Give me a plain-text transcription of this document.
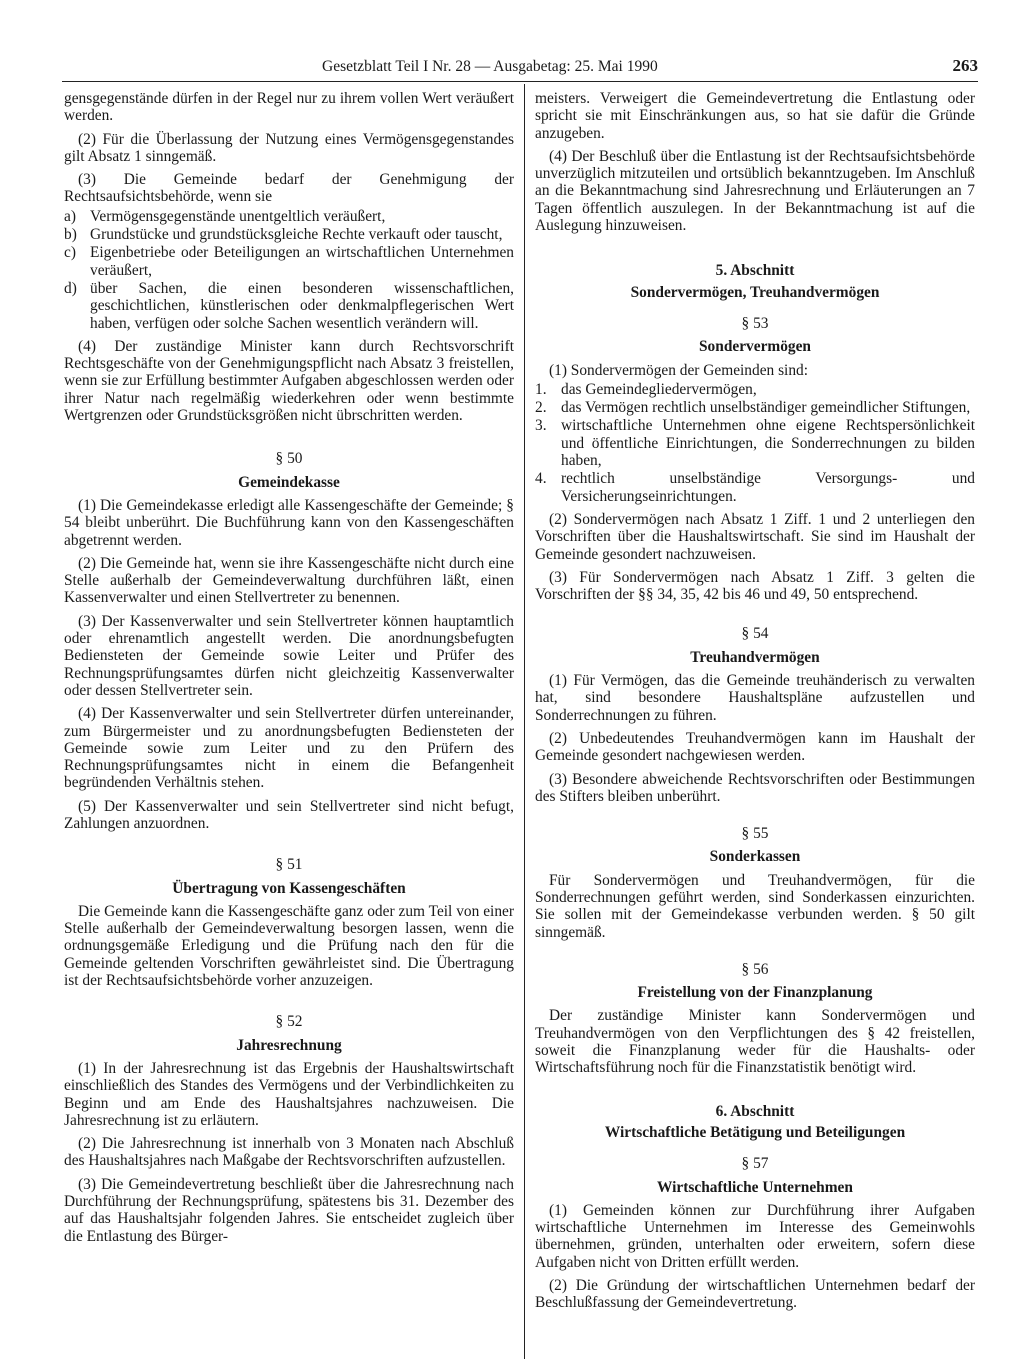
Gesetzblatt Teil I Nr. 28 — Ausgabetag: 25. Mai 1990	263

gensgegenstände dürfen in der Regel nur zu ihrem vollen Wert veräußert werden.

(2) Für die Überlassung der Nutzung eines Vermögensgegenstandes gilt Absatz 1 sinngemäß.

(3) Die Gemeinde bedarf der Genehmigung der Rechtsaufsichtsbehörde, wenn sie

a) Vermögensgegenstände unentgeltlich veräußert,
b) Grundstücke und grundstücksgleiche Rechte verkauft oder tauscht,
c) Eigenbetriebe oder Beteiligungen an wirtschaftlichen Unternehmen veräußert,
d) über Sachen, die einen besonderen wissenschaftlichen, geschichtlichen, künstlerischen oder denkmalpflegerischen Wert haben, verfügen oder solche Sachen wesentlich verändern will.

(4) Der zuständige Minister kann durch Rechtsvorschrift Rechtsgeschäfte von der Genehmigungspflicht nach Absatz 3 freistellen, wenn sie zur Erfüllung bestimmter Aufgaben abgeschlossen werden oder ihrer Natur nach regelmäßig wiederkehren oder wenn bestimmte Wertgrenzen oder Grundstücksgrößen nicht übrschritten werden.

§ 50
Gemeindekasse

(1) Die Gemeindekasse erledigt alle Kassengeschäfte der Gemeinde; § 54 bleibt unberührt. Die Buchführung kann von den Kassengeschäften abgetrennt werden.

(2) Die Gemeinde hat, wenn sie ihre Kassengeschäfte nicht durch eine Stelle außerhalb der Gemeindeverwaltung durchführen läßt, einen Kassenverwalter und einen Stellvertreter zu benennen.

(3) Der Kassenverwalter und sein Stellvertreter können hauptamtlich oder ehrenamtlich angestellt werden. Die anordnungsbefugten Bediensteten der Gemeinde sowie Leiter und Prüfer des Rechnungsprüfungsamtes dürfen nicht gleichzeitig Kassenverwalter oder dessen Stellvertreter sein.

(4) Der Kassenverwalter und sein Stellvertreter dürfen untereinander, zum Bürgermeister und zu anordnungsbefugten Bediensteten der Gemeinde sowie zum Leiter und zu den Prüfern des Rechnungsprüfungsamtes nicht in einem die Befangenheit begründenden Verhältnis stehen.

(5) Der Kassenverwalter und sein Stellvertreter sind nicht befugt, Zahlungen anzuordnen.

§ 51
Übertragung von Kassengeschäften

Die Gemeinde kann die Kassengeschäfte ganz oder zum Teil von einer Stelle außerhalb der Gemeindeverwaltung besorgen lassen, wenn die ordnungsgemäße Erledigung und die Prüfung nach den für die Gemeinde geltenden Vorschriften gewährleistet sind. Die Übertragung ist der Rechtsaufsichtsbehörde vorher anzuzeigen.

§ 52
Jahresrechnung

(1) In der Jahresrechnung ist das Ergebnis der Haushaltswirtschaft einschließlich des Standes des Vermögens und der Verbindlichkeiten zu Beginn und am Ende des Haushaltsjahres nachzuweisen. Die Jahresrechnung ist zu erläutern.

(2) Die Jahresrechnung ist innerhalb von 3 Monaten nach Abschluß des Haushaltsjahres nach Maßgabe der Rechtsvorschriften aufzustellen.

(3) Die Gemeindevertretung beschließt über die Jahresrechnung nach Durchführung der Rechnungsprüfung, spätestens bis 31. Dezember des auf das Haushaltsjahr folgenden Jahres. Sie entscheidet zugleich über die Entlastung des Bürger-

meisters. Verweigert die Gemeindevertretung die Entlastung oder spricht sie mit Einschränkungen aus, so hat sie dafür die Gründe anzugeben.

(4) Der Beschluß über die Entlastung ist der Rechtsaufsichtsbehörde unverzüglich mitzuteilen und ortsüblich bekanntzugeben. Im Anschluß an die Bekanntmachung sind Jahresrechnung und Erläuterungen an 7 Tagen öffentlich auszulegen. In der Bekanntmachung ist auf die Auslegung hinzuweisen.

5. Abschnitt
Sondervermögen, Treuhandvermögen
§ 53
Sondervermögen

(1) Sondervermögen der Gemeinden sind:

1. das Gemeindegliedervermögen,
2. das Vermögen rechtlich unselbständiger gemeindlicher Stiftungen,
3. wirtschaftliche Unternehmen ohne eigene Rechtspersönlichkeit und öffentliche Einrichtungen, die Sonderrechnungen zu bilden haben,
4. rechtlich unselbständige Versorgungs- und Versicherungseinrichtungen.

(2) Sondervermögen nach Absatz 1 Ziff. 1 und 2 unterliegen den Vorschriften über die Haushaltswirtschaft. Sie sind im Haushalt der Gemeinde gesondert nachzuweisen.

(3) Für Sondervermögen nach Absatz 1 Ziff. 3 gelten die Vorschriften der §§ 34, 35, 42 bis 46 und 49, 50 entsprechend.

§ 54
Treuhandvermögen

(1) Für Vermögen, das die Gemeinde treuhänderisch zu verwalten hat, sind besondere Haushaltspläne aufzustellen und Sonderrechnungen zu führen.

(2) Unbedeutendes Treuhandvermögen kann im Haushalt der Gemeinde gesondert nachgewiesen werden.

(3) Besondere abweichende Rechtsvorschriften oder Bestimmungen des Stifters bleiben unberührt.

§ 55
Sonderkassen

Für Sondervermögen und Treuhandvermögen, für die Sonderrechnungen geführt werden, sind Sonderkassen einzurichten. Sie sollen mit der Gemeindekasse verbunden werden. § 50 gilt sinngemäß.

§ 56
Freistellung von der Finanzplanung

Der zuständige Minister kann Sondervermögen und Treuhandvermögen von den Verpflichtungen des § 42 freistellen, soweit die Finanzplanung weder für die Haushalts- oder Wirtschaftsführung noch für die Finanzstatistik benötigt wird.

6. Abschnitt
Wirtschaftliche Betätigung und Beteiligungen
§ 57
Wirtschaftliche Unternehmen

(1) Gemeinden können zur Durchführung ihrer Aufgaben wirtschaftliche Unternehmen im Interesse des Gemeinwohls übernehmen, gründen, unterhalten oder erweitern, sofern diese Aufgaben nicht von Dritten erfüllt werden.

(2) Die Gründung der wirtschaftlichen Unternehmen bedarf der Beschlußfassung der Gemeindevertretung.
